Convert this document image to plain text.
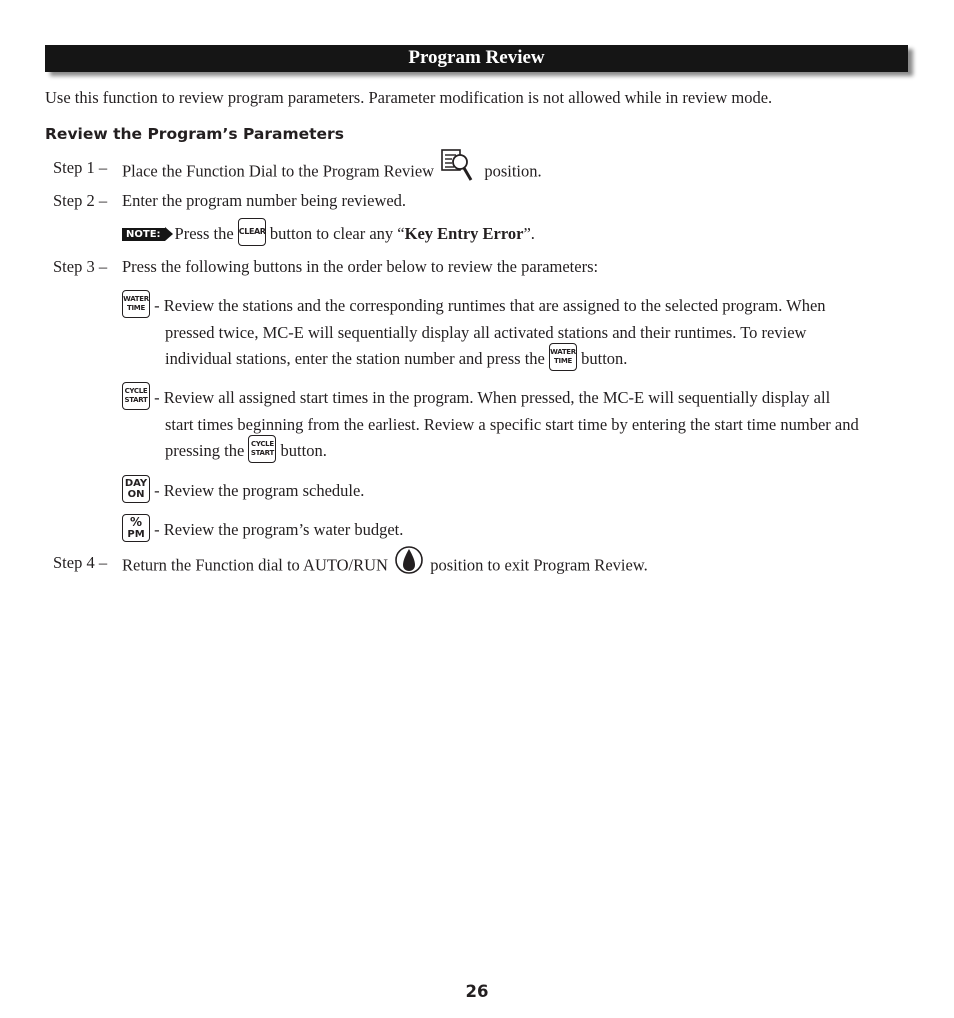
Program Review
Use this function to review program parameters. Parameter modification is not allowed while in review mode.
Review the Program’s Parameters
Step 1 – Place the Function Dial to the Program Review	position.
Step 2 – Enter the program number being reviewed.
NOTE: Press the CLEAR button to clear any “Key Entry Error”.
Step 3 – Press the following buttons in the order below to review the parameters:
WATER
TIME - Review the stations and the corresponding runtimes that are assigned to the selected program. When
pressed twice, MC-E will sequentially display all activated stations and their runtimes. To review
individual stations, enter the station number and press the WATER
TIME button.
CYCLE
START - Review all assigned start times in the program. When pressed, the MC-E will sequentially display all
start times beginning from the earliest. Review a specific start time by entering the start time number and
pressing the CYCLE
START button.
DAY
ON - Review the program schedule.
%
PM - Review the program’s water budget.
Step 4 – Return the Function dial to AUTO/RUN	position to exit Program Review.
26
